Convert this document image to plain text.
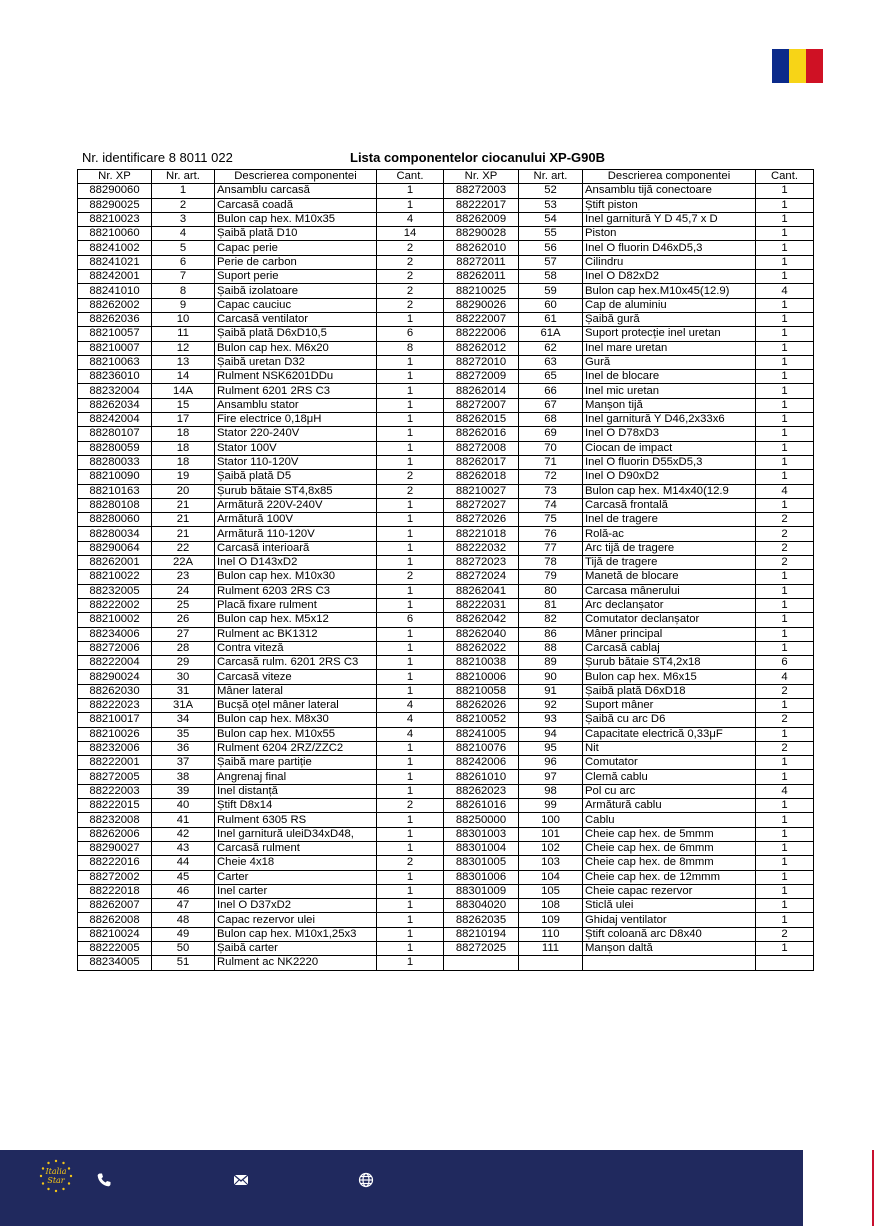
Nr. identificare 8 8011 022	Lista componentelor ciocanului XP-G90B
Nr. XP	Nr. art.	Descrierea componentei	Cant.	Nr. XP	Nr. art.	Descrierea componentei	Cant.
88290060	1	Ansamblu carcasă	1	88272003	52	Ansamblu tijă conectoare	1
88290025	2	Carcasă coadă	1	88222017	53	Știft piston	1
88210023	3	Bulon cap hex. M10x35	4	88262009	54	Inel garnitură Y D 45,7 x D	1
88210060	4	Șaibă plată D10	14	88290028	55	Piston	1
88241002	5	Capac perie	2	88262010	56	Inel O fluorin D46xD5,3	1
88241021	6	Perie de carbon	2	88272011	57	Cilindru	1
88242001	7	Suport perie	2	88262011	58	Inel O D82xD2	1
88241010	8	Șaibă izolatoare	2	88210025	59	Bulon cap hex.M10x45(12.9)	4
88262002	9	Capac cauciuc	2	88290026	60	Cap de aluminiu	1
88262036	10	Carcasă ventilator	1	88222007	61	Șaibă gură	1
88210057	11	Șaibă plată D6xD10,5	6	88222006	61A	Suport protecție inel uretan	1
88210007	12	Bulon cap hex. M6x20	8	88262012	62	Inel mare uretan	1
88210063	13	Șaibă uretan D32	1	88272010	63	Gură	1
88236010	14	Rulment NSK6201DDu	1	88272009	65	Inel de blocare	1
88232004	14A	Rulment 6201 2RS C3	1	88262014	66	Inel mic uretan	1
88262034	15	Ansamblu stator	1	88272007	67	Manșon tijă	1
88242004	17	Fire electrice 0,18μH	1	88262015	68	Inel garnitură Y D46,2x33x6	1
88280107	18	Stator 220-240V	1	88262016	69	Inel O D78xD3	1
88280059	18	Stator 100V	1	88272008	70	Ciocan de impact	1
88280033	18	Stator 110-120V	1	88262017	71	Inel O fluorin D55xD5,3	1
88210090	19	Șaibă plată D5	2	88262018	72	Inel O D90xD2	1
88210163	20	Șurub bătaie ST4,8x85	2	88210027	73	Bulon cap hex. M14x40(12.9	4
88280108	21	Armătură 220V-240V	1	88272027	74	Carcasă frontală	1
88280060	21	Armătură 100V	1	88272026	75	Inel de tragere	2
88280034	21	Armătură 110-120V	1	88221018	76	Rolă-ac	2
88290064	22	Carcasă interioară	1	88222032	77	Arc tijă de tragere	2
88262001	22A	Inel O D143xD2	1	88272023	78	Tijă de tragere	2
88210022	23	Bulon cap hex. M10x30	2	88272024	79	Manetă de blocare	1
88232005	24	Rulment 6203 2RS C3	1	88262041	80	Carcasa mânerului	1
88222002	25	Placă fixare rulment	1	88222031	81	Arc declanșator	1
88210002	26	Bulon cap hex. M5x12	6	88262042	82	Comutator declanșator	1
88234006	27	Rulment ac BK1312	1	88262040	86	Mâner principal	1
88272006	28	Contra viteză	1	88262022	88	Carcasă cablaj	1
88222004	29	Carcasă rulm. 6201 2RS C3	1	88210038	89	Șurub bătaie ST4,2x18	6
88290024	30	Carcasă viteze	1	88210006	90	Bulon cap hex. M6x15	4
88262030	31	Mâner lateral	1	88210058	91	Șaibă plată D6xD18	2
88222023	31A	Bucșă oțel mâner lateral	4	88262026	92	Suport mâner	1
88210017	34	Bulon cap hex. M8x30	4	88210052	93	Șaibă cu arc D6	2
88210026	35	Bulon cap hex. M10x55	4	88241005	94	Capacitate electrică 0,33μF	1
88232006	36	Rulment 6204 2RZ/ZZC2	1	88210076	95	Nit	2
88222001	37	Șaibă mare partiție	1	88242006	96	Comutator	1
88272005	38	Angrenaj final	1	88261010	97	Clemă cablu	1
88222003	39	Inel distanță	1	88262023	98	Pol cu arc	4
88222015	40	Știft D8x14	2	88261016	99	Armătură cablu	1
88232008	41	Rulment 6305 RS	1	88250000	100	Cablu	1
88262006	42	Inel garnitură uleiD34xD48,	1	88301003	101	Cheie cap hex. de 5mmm	1
88290027	43	Carcasă rulment	1	88301004	102	Cheie cap hex. de 6mmm	1
88222016	44	Cheie 4x18	2	88301005	103	Cheie cap hex. de 8mmm	1
88272002	45	Carter	1	88301006	104	Cheie cap hex. de 12mmm	1
88222018	46	Inel carter	1	88301009	105	Cheie capac rezervor	1
88262007	47	Inel O D37xD2	1	88304020	108	Sticlă ulei	1
88262008	48	Capac rezervor ulei	1	88262035	109	Ghidaj ventilator	1
88210024	49	Bulon cap hex. M10x1,25x3	1	88210194	110	Știft coloană arc D8x40	2
88222005	50	Șaibă carter	1	88272025	111	Manșon daltă	1
88234005	51	Rulment ac NK2220	1				
Italia
Star
